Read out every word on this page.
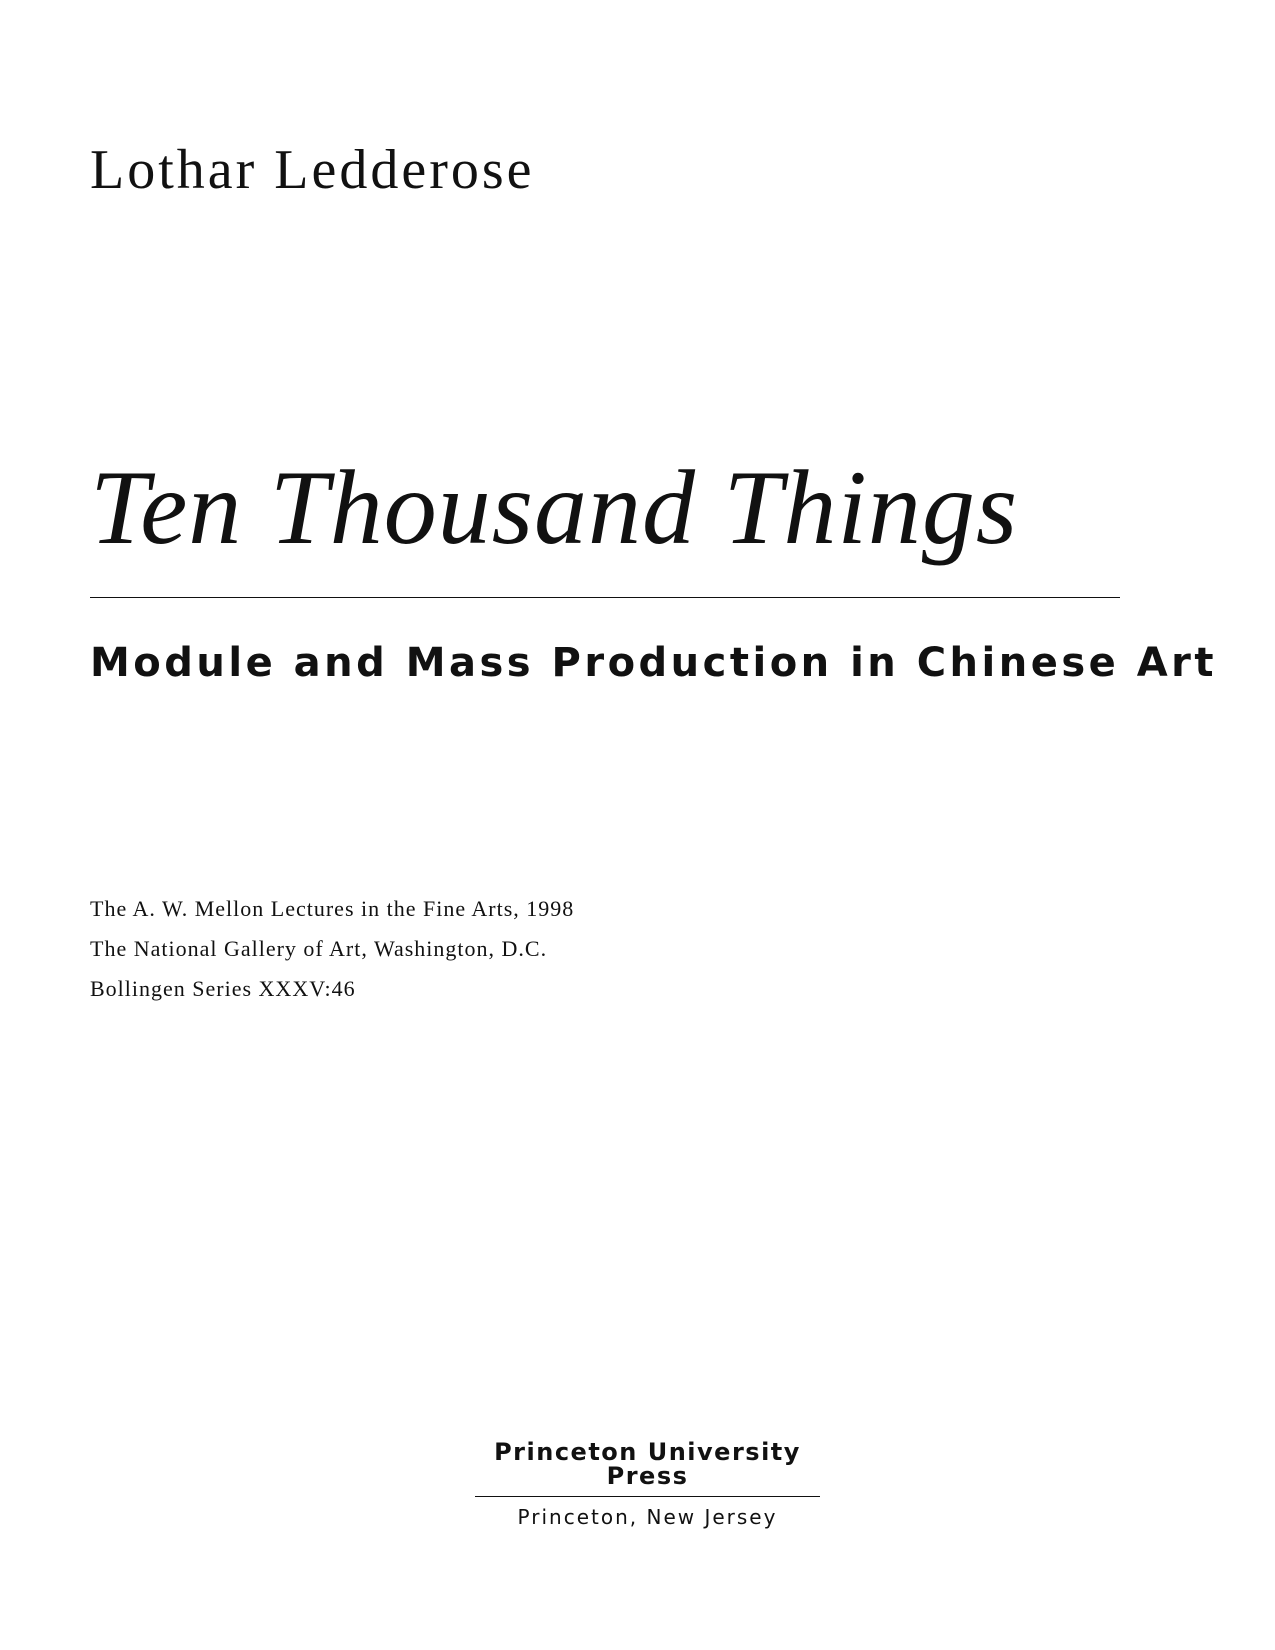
Lothar Ledderose
Ten Thousand Things
Module and Mass Production in Chinese Art
The A. W. Mellon Lectures in the Fine Arts, 1998
The National Gallery of Art, Washington, D.C.
Bollingen Series XXXV:46
Princeton University Press
Princeton, New Jersey
